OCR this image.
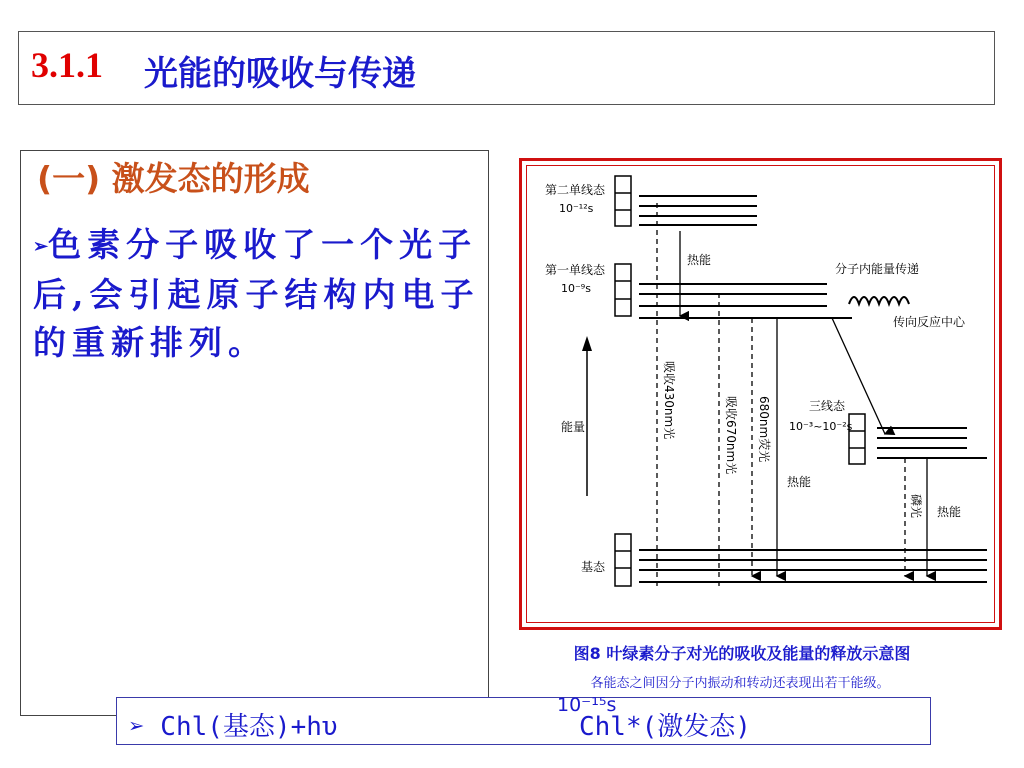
3.1.1 光能的吸收与传递
(一) 激发态的形成
➢色素分子吸收了一个光子后,会引起原子结构内电子的重新排列。
第二单线态
10⁻¹²s
第一单线态
10⁻⁹s
热能
分子内能量传递
传向反应中心
能量	吸收430nm光	吸收670nm光 680nm荧光
热能
三线态
10⁻³~10⁻²s
磷光 热能
基态
图8 叶绿素分子对光的吸收及能量的释放示意图
各能态之间因分子内振动和转动还表现出若干能级。
➢ Chl(基态)+hυ
10⁻¹⁵s
Chl*(激发态)
